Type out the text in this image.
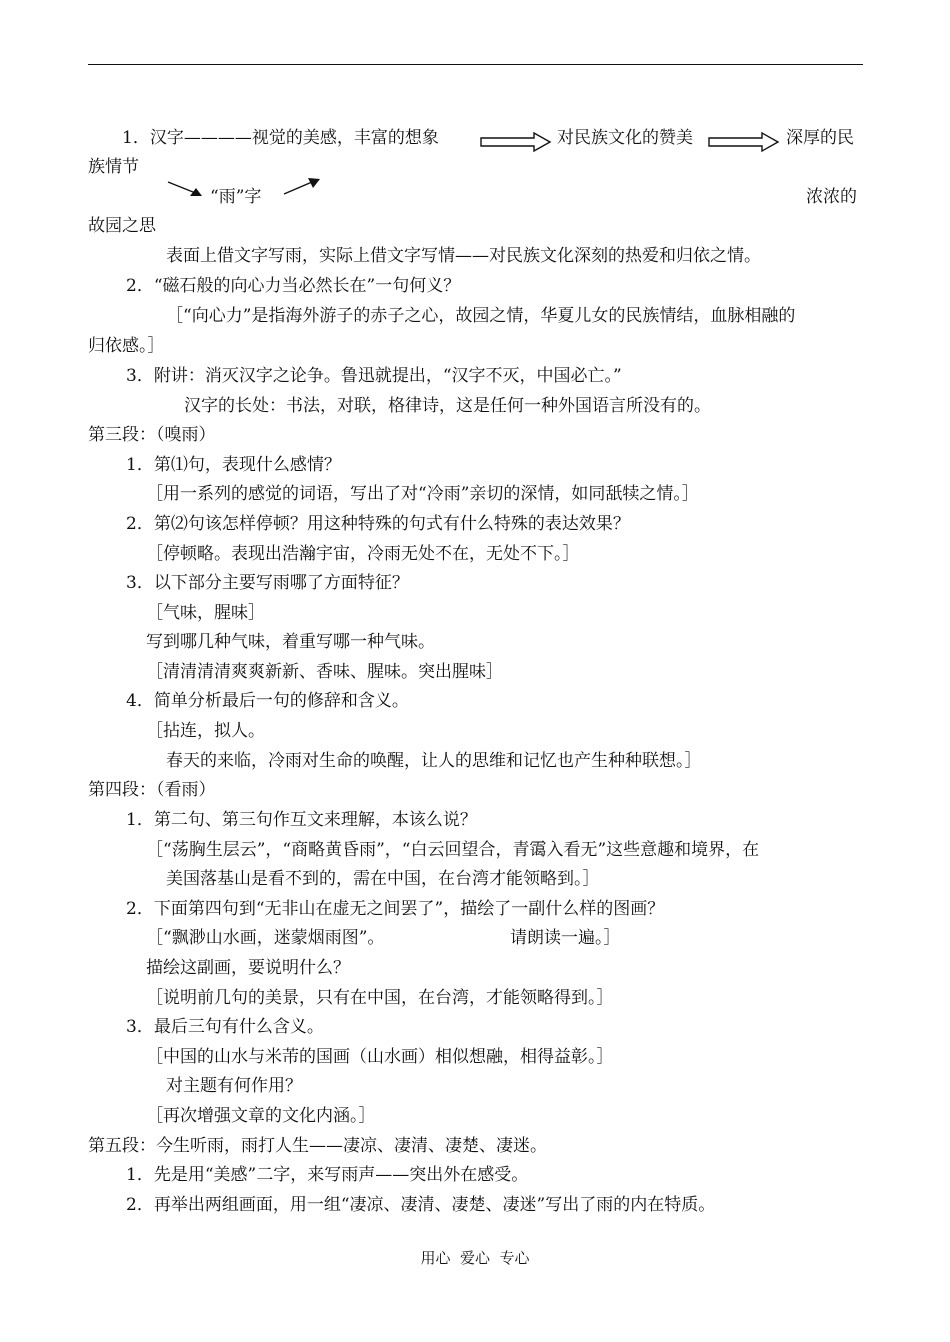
1．汉字————视觉的美感，丰富的想象	对民族文化的赞美	深厚的民
族情节
“雨”字	浓浓的
故园之思
表面上借文字写雨，实际上借文字写情——对民族文化深刻的热爱和归依之情。
2．“磁石般的向心力当必然长在”一句何义？
［“向心力”是指海外游子的赤子之心，故园之情，华夏儿女的民族情结，血脉相融的
归依感。］
3．附讲：消灭汉字之论争。鲁迅就提出，“汉字不灭，中国必亡。”
汉字的长处：书法，对联，格律诗，这是任何一种外国语言所没有的。
第三段：（嗅雨）
1．第⑴句，表现什么感情？
［用一系列的感觉的词语，写出了对“冷雨”亲切的深情，如同舐犊之情。］
2．第⑵句该怎样停顿？用这种特殊的句式有什么特殊的表达效果？
［停顿略。表现出浩瀚宇宙，冷雨无处不在，无处不下。］
3．以下部分主要写雨哪了方面特征？
［气味，腥味］
写到哪几种气味，着重写哪一种气味。
［清清清清爽爽新新、香味、腥味。突出腥味］
4．简单分析最后一句的修辞和含义。
［拈连，拟人。
春天的来临，冷雨对生命的唤醒，让人的思维和记忆也产生种种联想。］
第四段：（看雨）
1．第二句、第三句作互文来理解，本该么说？
［“荡胸生层云”，“商略黄昏雨”，“白云回望合，青霭入看无”这些意趣和境界，在
美国落基山是看不到的，需在中国，在台湾才能领略到。］
2．下面第四句到“无非山在虚无之间罢了”，描绘了一副什么样的图画？
［“飘渺山水画，迷蒙烟雨图”。	请朗读一遍。］
描绘这副画，要说明什么？
［说明前几句的美景，只有在中国，在台湾，才能领略得到。］
3．最后三句有什么含义。
［中国的山水与米芾的国画（山水画）相似想融，相得益彰。］
对主题有何作用？
［再次增强文章的文化内涵。］
第五段：今生听雨，雨打人生——凄凉、凄清、凄楚、凄迷。
1．先是用“美感”二字，来写雨声——突出外在感受。
2．再举出两组画面，用一组“凄凉、凄清、凄楚、凄迷”写出了雨的内在特质。
用心  爱心  专心
